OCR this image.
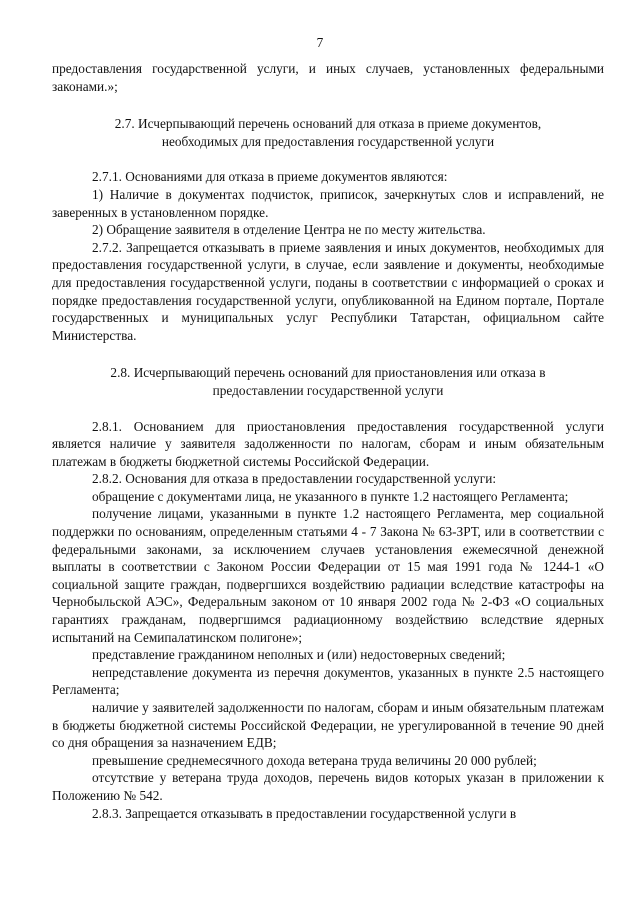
7

предоставления государственной услуги, и иных случаев, установленных федеральными законами.»;

2.7. Исчерпывающий перечень оснований для отказа в приеме документов, необходимых для предоставления государственной услуги

2.7.1. Основаниями для отказа в приеме документов являются:

1) Наличие в документах подчисток, приписок, зачеркнутых слов и исправлений, не заверенных в установленном порядке.

2) Обращение заявителя в отделение Центра не по месту жительства.

2.7.2. Запрещается отказывать в приеме заявления и иных документов, необходимых для предоставления государственной услуги, в случае, если заявление и документы, необходимые для предоставления государственной услуги, поданы в соответствии с информацией о сроках и порядке предоставления государственной услуги, опубликованной на Едином портале, Портале государственных и муниципальных услуг Республики Татарстан, официальном сайте Министерства.

2.8. Исчерпывающий перечень оснований для приостановления или отказа в предоставлении государственной услуги

2.8.1. Основанием для приостановления предоставления государственной услуги является наличие у заявителя задолженности по налогам, сборам и иным обязательным платежам в бюджеты бюджетной системы Российской Федерации.

2.8.2. Основания для отказа в предоставлении государственной услуги:

обращение с документами лица, не указанного в пункте 1.2 настоящего Регламента;

получение лицами, указанными в пункте 1.2 настоящего Регламента, мер социальной поддержки по основаниям, определенным статьями 4 - 7 Закона № 63-ЗРТ, или в соответствии с федеральными законами, за исключением случаев установления ежемесячной денежной выплаты в соответствии с Законом России Федерации от 15 мая 1991 года № 1244-1 «О социальной защите граждан, подвергшихся воздействию радиации вследствие катастрофы на Чернобыльской АЭС», Федеральным законом от 10 января 2002 года № 2-ФЗ «О социальных гарантиях гражданам, подвергшимся радиационному воздействию вследствие ядерных испытаний на Семипалатинском полигоне»;

представление гражданином неполных и (или) недостоверных сведений;

непредставление документа из перечня документов, указанных в пункте 2.5 настоящего Регламента;

наличие у заявителей задолженности по налогам, сборам и иным обязательным платежам в бюджеты бюджетной системы Российской Федерации, не урегулированной в течение 90 дней со дня обращения за назначением ЕДВ;

превышение среднемесячного дохода ветерана труда величины 20 000 рублей;

отсутствие у ветерана труда доходов, перечень видов которых указан в приложении к Положению № 542.

2.8.3. Запрещается отказывать в предоставлении государственной услуги в
